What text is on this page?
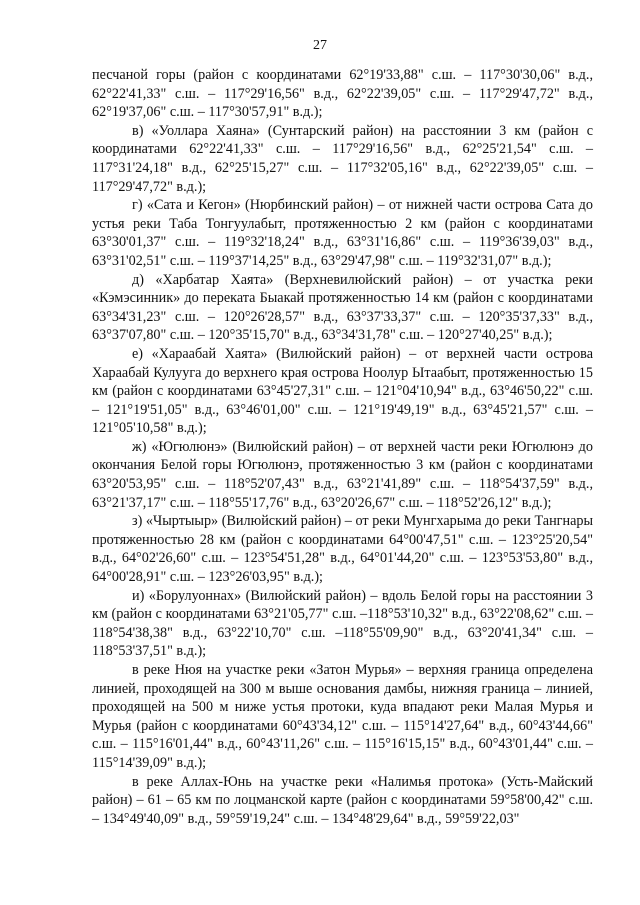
27

песчаной горы (район с координатами 62°19'33,88" с.ш. – 117°30'30,06" в.д., 62°22'41,33" с.ш. – 117°29'16,56" в.д., 62°22'39,05" с.ш. – 117°29'47,72" в.д., 62°19'37,06" с.ш. – 117°30'57,91" в.д.);

в) «Уоллара Хаяна» (Сунтарский район) на расстоянии 3 км (район с координатами 62°22'41,33" с.ш. – 117°29'16,56" в.д., 62°25'21,54" с.ш. – 117°31'24,18" в.д., 62°25'15,27" с.ш. – 117°32'05,16" в.д., 62°22'39,05" с.ш. – 117°29'47,72" в.д.);

г) «Сата и Кегон» (Нюрбинский район) – от нижней части острова Сата до устья реки Таба Тонгуулабыт, протяженностью 2 км (район с координатами 63°30'01,37" с.ш. – 119°32'18,24" в.д., 63°31'16,86" с.ш. – 119°36'39,03" в.д., 63°31'02,51" с.ш. – 119°37'14,25" в.д., 63°29'47,98" с.ш. – 119°32'31,07" в.д.);

д) «Харбатар Хаята» (Верхневилюйский район) – от участка реки «Кэмэсинник» до переката Быакай протяженностью 14 км (район с координатами 63°34'31,23" с.ш. – 120°26'28,57" в.д., 63°37'33,37" с.ш. – 120°35'37,33" в.д., 63°37'07,80" с.ш. – 120°35'15,70" в.д., 63°34'31,78" с.ш. – 120°27'40,25" в.д.);

е) «Хараабай Хаята» (Вилюйский район) – от верхней части острова Хараабай Кулууга до верхнего края острова Ноолур Ытаабыт, протяженностью 15 км (район с координатами 63°45'27,31" с.ш. – 121°04'10,94" в.д., 63°46'50,22" с.ш. – 121°19'51,05" в.д., 63°46'01,00" с.ш. – 121°19'49,19" в.д., 63°45'21,57" с.ш. – 121°05'10,58" в.д.);

ж) «Югюлюнэ» (Вилюйский район) – от верхней части реки Югюлюнэ до окончания Белой горы Югюлюнэ, протяженностью 3 км (район с координатами 63°20'53,95" с.ш. – 118°52'07,43" в.д., 63°21'41,89" с.ш. – 118°54'37,59" в.д., 63°21'37,17" с.ш. – 118°55'17,76" в.д., 63°20'26,67" с.ш. – 118°52'26,12" в.д.);

з) «Чыртыыр» (Вилюйский район) – от реки Мунгхарыма до реки Тангнары протяженностью 28 км (район с координатами 64°00'47,51" с.ш. – 123°25'20,54" в.д., 64°02'26,60" с.ш. – 123°54'51,28" в.д., 64°01'44,20" с.ш. – 123°53'53,80" в.д., 64°00'28,91" с.ш. – 123°26'03,95" в.д.);

и) «Борулуоннах» (Вилюйский район) – вдоль Белой горы на расстоянии 3 км (район с координатами 63°21'05,77" с.ш. –118°53'10,32" в.д., 63°22'08,62" с.ш. – 118°54'38,38" в.д., 63°22'10,70" с.ш. –118°55'09,90" в.д., 63°20'41,34" с.ш. – 118°53'37,51" в.д.);

в реке Нюя на участке реки «Затон Мурья» – верхняя граница определена линией, проходящей на 300 м выше основания дамбы, нижняя граница – линией, проходящей на 500 м ниже устья протоки, куда впадают реки Малая Мурья и Мурья (район с координатами 60°43'34,12" с.ш. – 115°14'27,64" в.д., 60°43'44,66" с.ш. – 115°16'01,44" в.д., 60°43'11,26" с.ш. – 115°16'15,15" в.д., 60°43'01,44" с.ш. – 115°14'39,09" в.д.);

в реке Аллах-Юнь на участке реки «Налимья протока» (Усть-Майский район) – 61 – 65 км по лоцманской карте (район с координатами 59°58'00,42" с.ш. – 134°49'40,09" в.д., 59°59'19,24" с.ш. – 134°48'29,64" в.д., 59°59'22,03"
